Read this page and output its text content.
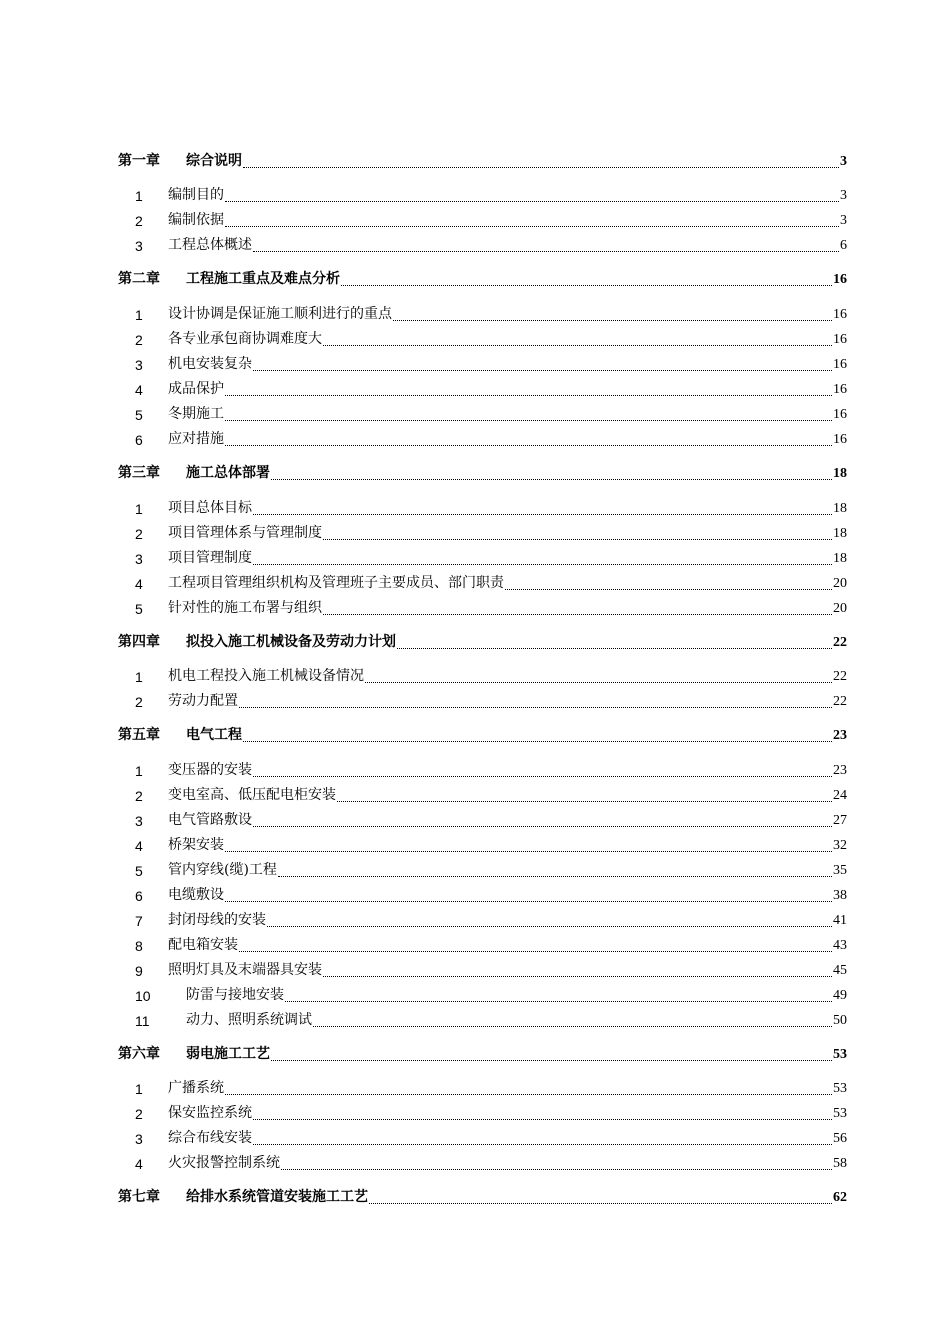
第一章	综合说明	3
1	编制目的	3
2	编制依据	3
3	工程总体概述	6
第二章	工程施工重点及难点分析	16
1	设计协调是保证施工顺利进行的重点	16
2	各专业承包商协调难度大	16
3	机电安装复杂	16
4	成品保护	16
5	冬期施工	16
6	应对措施	16
第三章	施工总体部署	18
1	项目总体目标	18
2	项目管理体系与管理制度	18
3	项目管理制度	18
4	工程项目管理组织机构及管理班子主要成员、部门职责	20
5	针对性的施工布署与组织	20
第四章	拟投入施工机械设备及劳动力计划	22
1	机电工程投入施工机械设备情况	22
2	劳动力配置	22
第五章	电气工程	23
1	变压器的安装	23
2	变电室高、低压配电柜安装	24
3	电气管路敷设	27
4	桥架安装	32
5	管内穿线(缆)工程	35
6	电缆敷设	38
7	封闭母线的安装	41
8	配电箱安装	43
9	照明灯具及末端器具安装	45
10	防雷与接地安装	49
11	动力、照明系统调试	50
第六章	弱电施工工艺	53
1	广播系统	53
2	保安监控系统	53
3	综合布线安装	56
4	火灾报警控制系统	58
第七章	给排水系统管道安装施工工艺	62
